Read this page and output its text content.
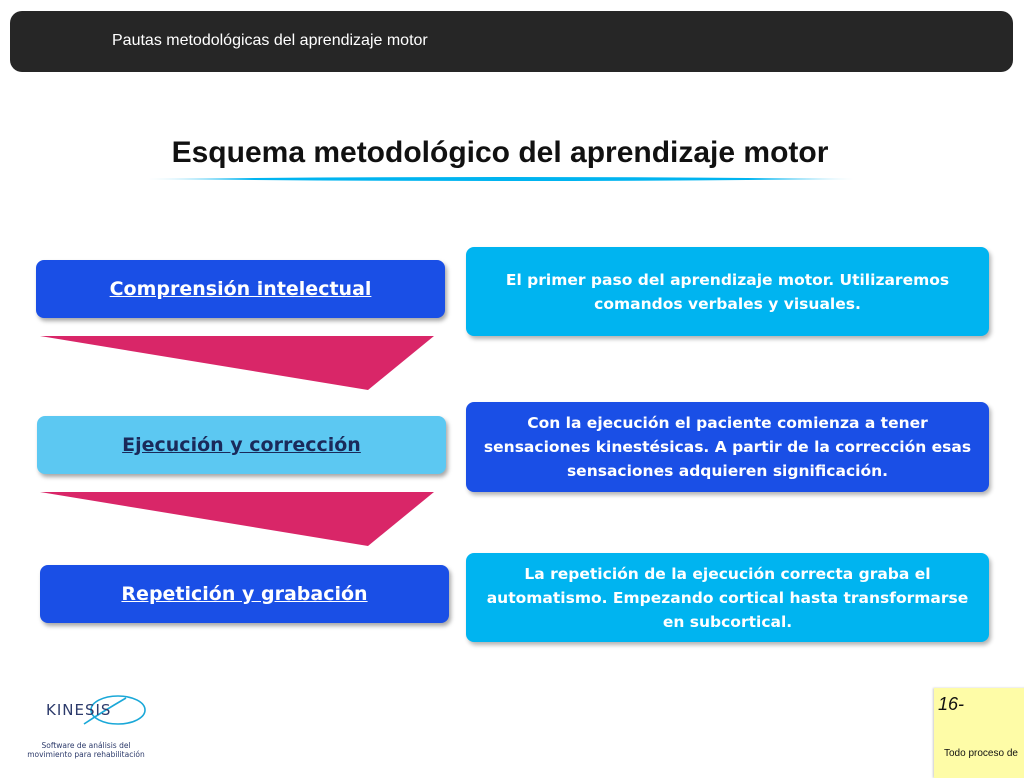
Pautas metodológicas del aprendizaje motor
Esquema metodológico del aprendizaje motor
Comprensión intelectual	El primer paso del aprendizaje motor. Utilizaremos comandos verbales y visuales.
Ejecución y corrección
Con la ejecución el paciente comienza a tener sensaciones kinestésicas. A partir de la corrección esas sensaciones adquieren significación.
Repetición y grabación
La repetición de la ejecución correcta graba el automatismo. Empezando cortical hasta transformarse en subcortical.
KINESIS
Software de análisis del movimiento para rehabilitación
16-
Todo proceso de
